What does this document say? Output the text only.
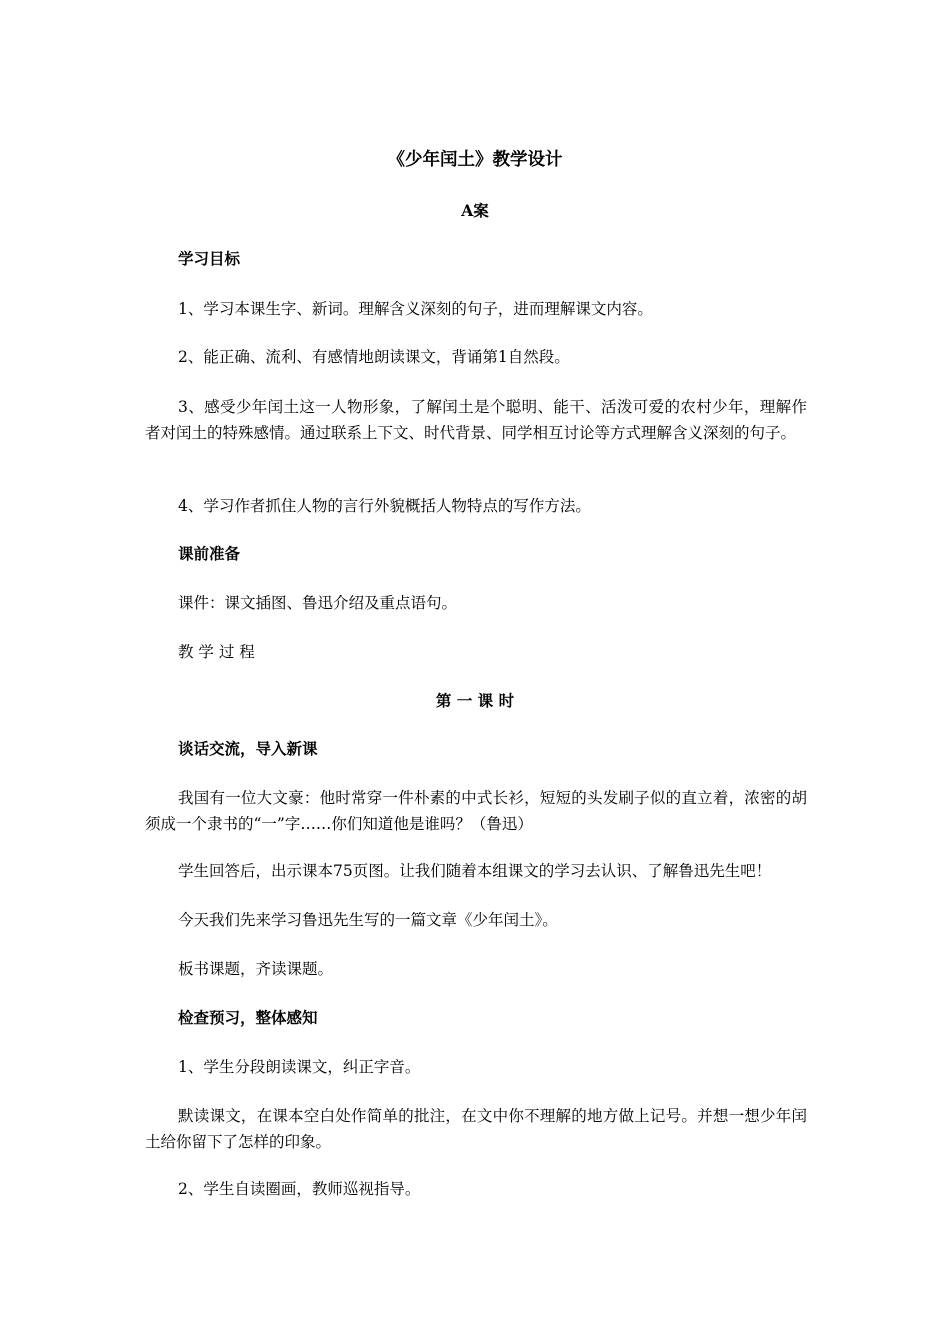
《少年闰土》教学设计
A案
学习目标
1、学习本课生字、新词。理解含义深刻的句子，进而理解课文内容。
2、能正确、流利、有感情地朗读课文，背诵第1自然段。
3、感受少年闰土这一人物形象，了解闰土是个聪明、能干、活泼可爱的农村少年，理解作者对闰土的特殊感情。通过联系上下文、时代背景、同学相互讨论等方式理解含义深刻的句子。
4、学习作者抓住人物的言行外貌概括人物特点的写作方法。
课前准备
课件：课文插图、鲁迅介绍及重点语句。
教 学 过 程
第 一 课 时
谈话交流，导入新课
我国有一位大文豪：他时常穿一件朴素的中式长衫，短短的头发刷子似的直立着，浓密的胡须成一个隶书的“一”字……你们知道他是谁吗？（鲁迅）
学生回答后，出示课本75页图。让我们随着本组课文的学习去认识、了解鲁迅先生吧！
今天我们先来学习鲁迅先生写的一篇文章《少年闰土》。
板书课题，齐读课题。
检查预习，整体感知
1、学生分段朗读课文，纠正字音。
默读课文，在课本空白处作简单的批注，在文中你不理解的地方做上记号。并想一想少年闰土给你留下了怎样的印象。
2、学生自读圈画，教师巡视指导。
